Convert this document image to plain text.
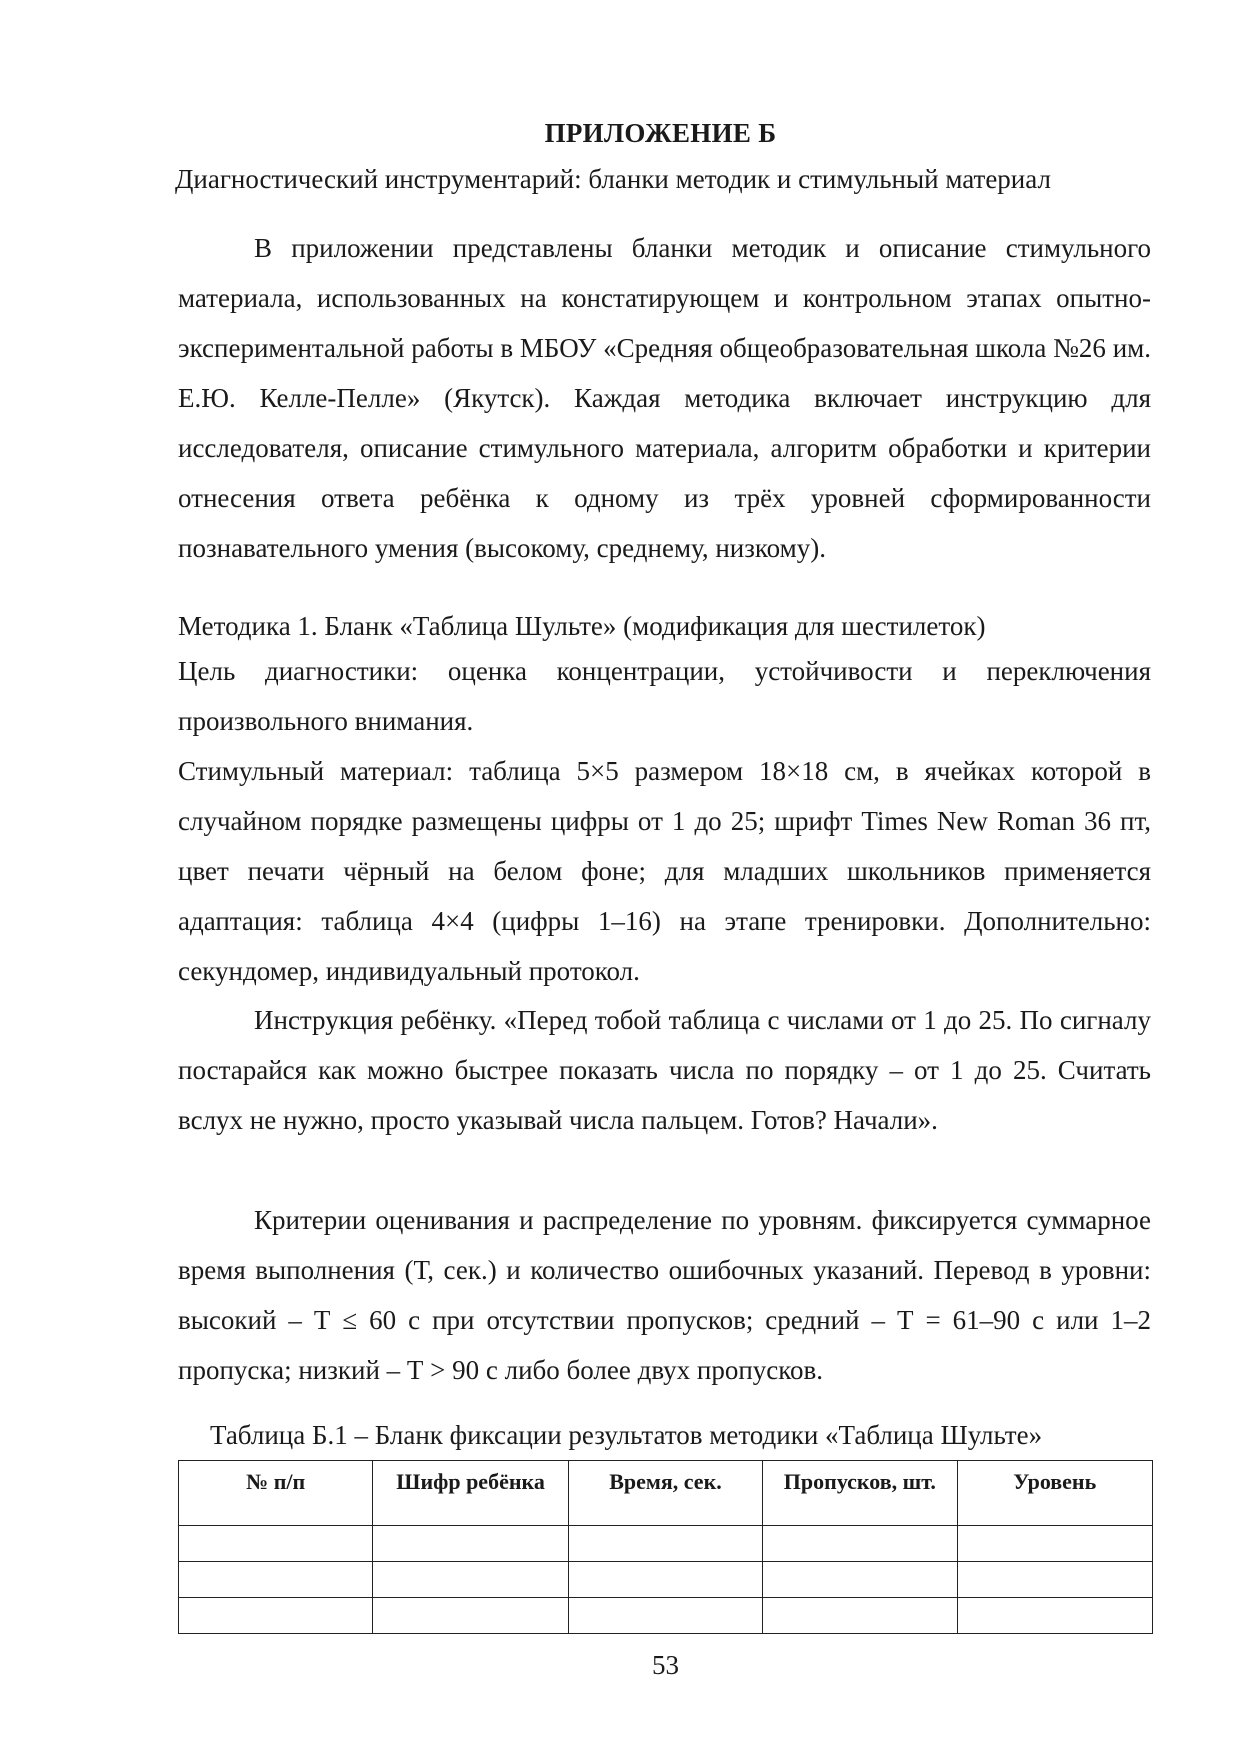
ПРИЛОЖЕНИЕ Б
Диагностический инструментарий: бланки методик и стимульный материал
В приложении представлены бланки методик и описание стимульного материала, использованных на констатирующем и контрольном этапах опытно-экспериментальной работы в МБОУ «Средняя общеобразовательная школа №26 им. Е.Ю. Келле-Пелле» (Якутск). Каждая методика включает инструкцию для исследователя, описание стимульного материала, алгоритм обработки и критерии отнесения ответа ребёнка к одному из трёх уровней сформированности познавательного умения (высокому, среднему, низкому).
Методика 1. Бланк «Таблица Шульте» (модификация для шестилеток)
Цель диагностики: оценка концентрации, устойчивости и переключения произвольного внимания.
Стимульный материал: таблица 5×5 размером 18×18 см, в ячейках которой в случайном порядке размещены цифры от 1 до 25; шрифт Times New Roman 36 пт, цвет печати чёрный на белом фоне; для младших школьников применяется адаптация: таблица 4×4 (цифры 1–16) на этапе тренировки. Дополнительно: секундомер, индивидуальный протокол.
Инструкция ребёнку. «Перед тобой таблица с числами от 1 до 25. По сигналу постарайся как можно быстрее показать числа по порядку – от 1 до 25. Считать вслух не нужно, просто указывай числа пальцем. Готов? Начали».
Критерии оценивания и распределение по уровням. фиксируется суммарное время выполнения (Т, сек.) и количество ошибочных указаний. Перевод в уровни: высокий – Т ≤ 60 с при отсутствии пропусков; средний – Т = 61–90 с или 1–2 пропуска; низкий – Т > 90 с либо более двух пропусков.
Таблица Б.1 – Бланк фиксации результатов методики «Таблица Шульте»
№ п/п	Шифр ребёнка	Время, сек.	Пропусков, шт.	Уровень

53
